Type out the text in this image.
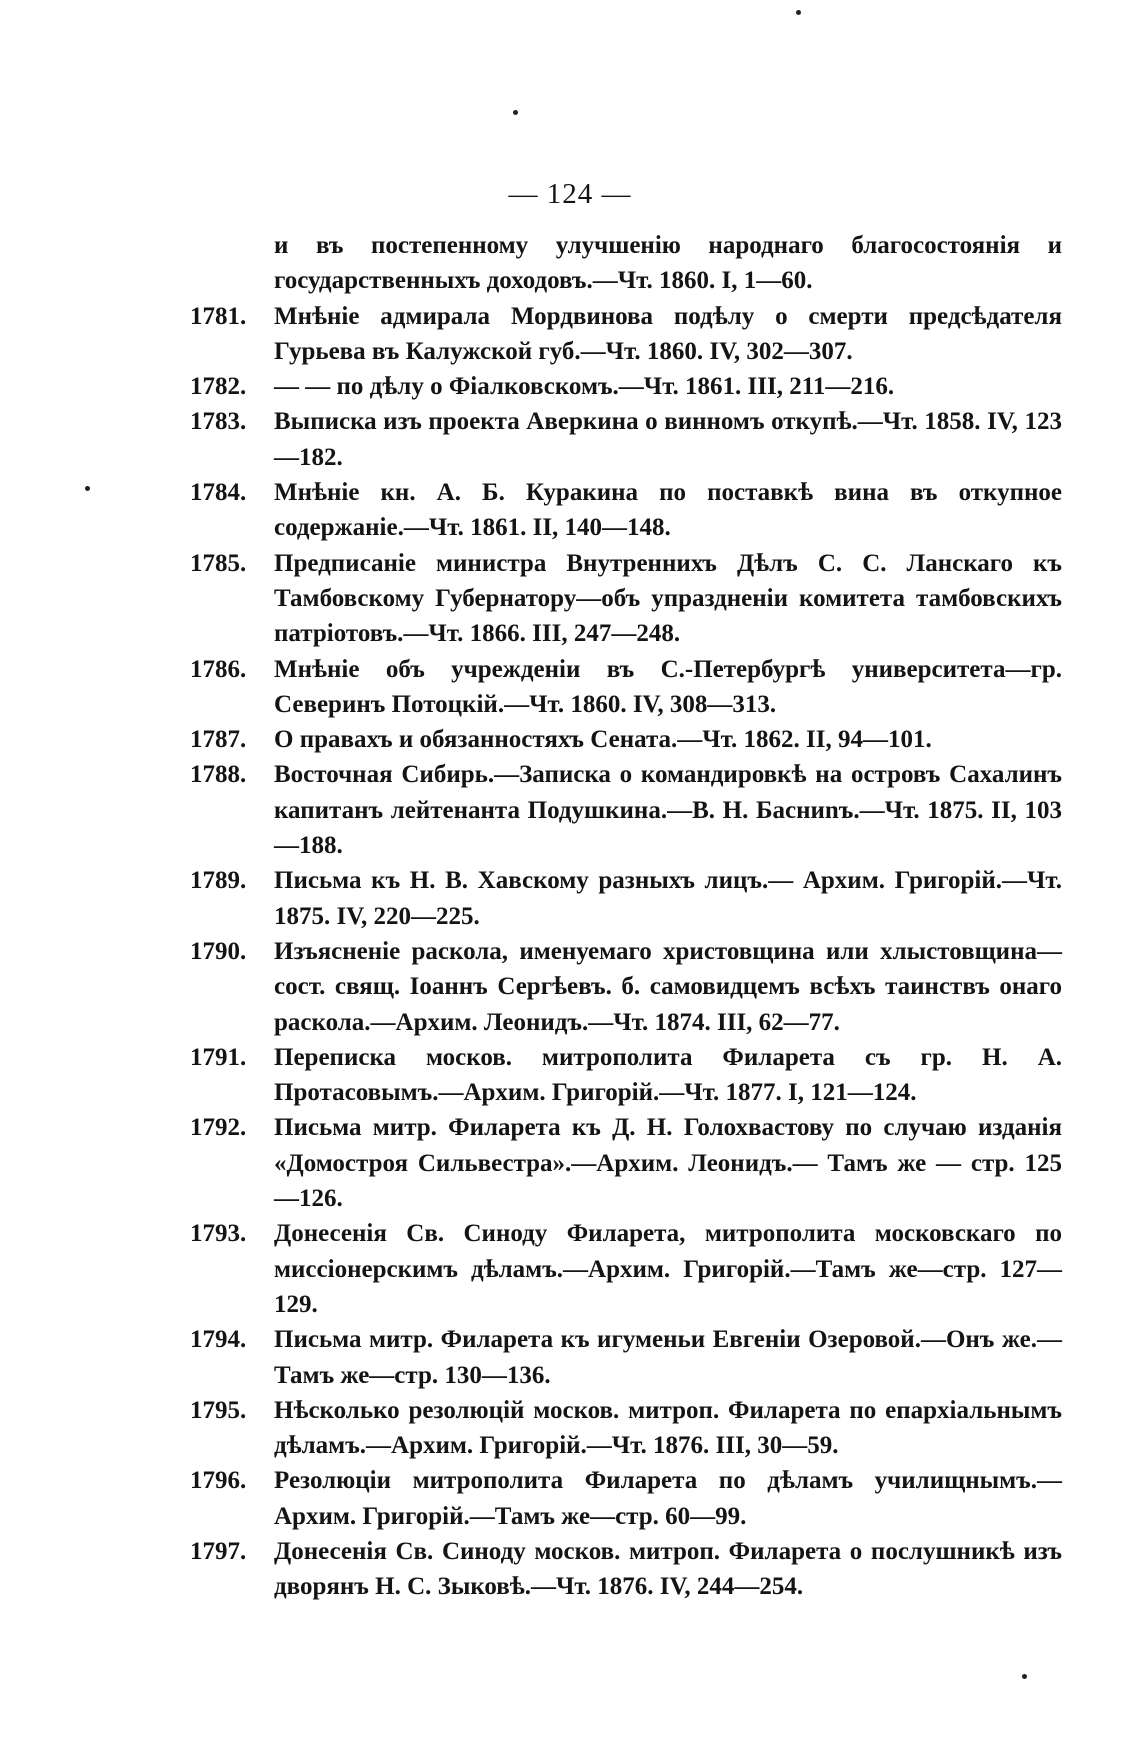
— 124 —
и въ постепенному улучшенію народнаго благосостоянія и государственныхъ доходовъ.—Чт. 1860. I, 1—60.
1781.	Мнѣніе адмирала Мордвинова подѣлу о смерти предсѣдателя Гурьева въ Калужской губ.—Чт. 1860. IV, 302—307.
1782.	— — по дѣлу о Фіалковскомъ.—Чт. 1861. III, 211—216.
1783.	Выписка изъ проекта Аверкина о винномъ откупѣ.—Чт. 1858. IV, 123—182.
1784.	Мнѣніе кн. А. Б. Куракина по поставкѣ вина въ откупное содержаніе.—Чт. 1861. II, 140—148.
1785.	Предписаніе министра Внутреннихъ Дѣлъ С. С. Ланскаго къ Тамбовскому Губернатору—объ упраздненіи комитета тамбовскихъ патріотовъ.—Чт. 1866. III, 247—248.
1786.	Мнѣніе объ учрежденіи въ С.-Петербургѣ университета—гр. Северинъ Потоцкій.—Чт. 1860. IV, 308—313.
1787.	О правахъ и обязанностяхъ Сената.—Чт. 1862. II, 94—101.
1788.	Восточная Сибирь.—Записка о командировкѣ на островъ Сахалинъ капитанъ лейтенанта Подушкина.—В. Н. Басниnъ.—Чт. 1875. II, 103—188.
1789.	Письма къ Н. В. Хавскому разныхъ лицъ.— Архим. Григорій.—Чт. 1875. IV, 220—225.
1790.	Изъясненіе раскола, именуемаго христовщина или хлыстовщина—сост. свящ. Іоаннъ Сергѣевъ. б. самовидцемъ всѣхъ таинствъ онаго раскола.—Архим. Леонидъ.—Чт. 1874. III, 62—77.
1791.	Переписка москов. митрополита Филарета съ гр. Н. А. Протасовымъ.—Архим. Григорій.—Чт. 1877. I, 121—124.
1792.	Письма митр. Филарета къ Д. Н. Голохвастову по случаю изданія «Домостроя Сильвестра».—Архим. Леонидъ.— Тамъ же — стр. 125—126.
1793.	Донесенія Св. Синоду Филарета, митрополита московскаго по миссіонерскимъ дѣламъ.—Архим. Григорій.—Тамъ же—стр. 127—129.
1794.	Письма митр. Филарета къ игуменьи Евгеніи Озеровой.—Онъ же.—Тамъ же—стр. 130—136.
1795.	Нѣсколько резолюцій москов. митроп. Филарета по епархіальнымъ дѣламъ.—Архим. Григорій.—Чт. 1876. III, 30—59.
1796.	Резолюціи митрополита Филарета по дѣламъ училищнымъ.—Архим. Григорій.—Тамъ же—стр. 60—99.
1797.	Донесенія Св. Синоду москов. митроп. Филарета о послушникѣ изъ дворянъ Н. С. Зыковѣ.—Чт. 1876. IV, 244—254.
